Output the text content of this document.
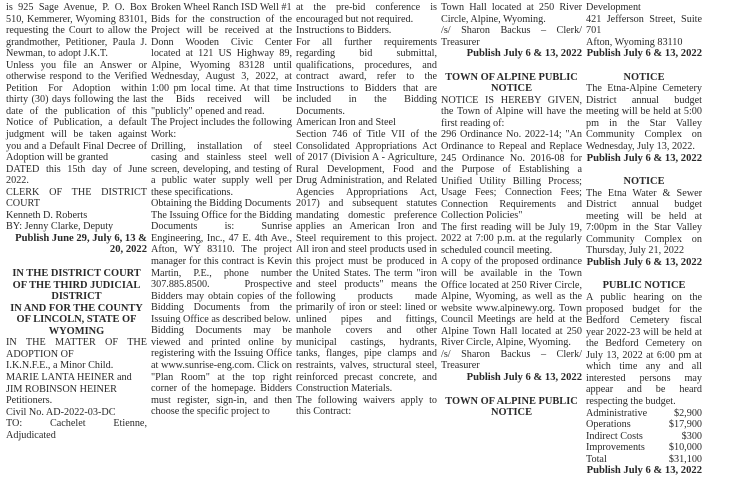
is 925 Sage Avenue, P. O. Box 510, Kemmerer, Wyoming 83101, requesting the Court to allow the grandmother, Petitioner, Paula J. Newman, to adopt J.K.T.
Unless you file an Answer or otherwise respond to the Verified Petition For Adoption within thirty (30) days following the last date of the publication of this Notice of Publication, a default judgment will be taken against you and a Default Final Decree of Adoption will be granted
DATED this 15th day of June 2022.
CLERK OF THE DISTRICT COURT
Kenneth D. Roberts
BY: Jenny Clarke, Deputy
Publish June 29, July 6, 13 & 20, 2022
IN THE DISTRICT COURT OF THE THIRD JUDICIAL DISTRICT
IN AND FOR THE COUNTY OF LINCOLN, STATE OF WYOMING
IN THE MATTER OF THE ADOPTION OF
I.K.N.F.E., a Minor Child.
MARIE LANTA HEINER and
JIM ROBINSON HEINER
Petitioners.
Civil No. AD-2022-03-DC
TO: Cachelet Etienne, Adjudicated
Broken Wheel Ranch ISD Well #1
Bids for the construction of the Project will be received at the Donn Wooden Civic Center located at 121 US Highway 89, Alpine, Wyoming 83128 until Wednesday, August 3, 2022, at 1:00 pm local time. At that time the Bids received will be "publicly" opened and read.
The Project includes the following Work:
Drilling, installation of steel casing and stainless steel well screen, developing, and testing of a public water supply well per these specifications.
Obtaining the Bidding Documents
The Issuing Office for the Bidding Documents is: Sunrise Engineering, Inc., 47 E. 4th Ave., Afton, WY 83110. The project manager for this contract is Kevin Martin, P.E., phone number 307.885.8500. Prospective Bidders may obtain copies of the Bidding Documents from the Issuing Office as described below.
Bidding Documents may be viewed and printed online by registering with the Issuing Office at www.sunrise-eng.com. Click on "Plan Room" at the top right corner of the homepage. Bidders must register, sign-in, and then choose the specific project to
at the pre-bid conference is encouraged but not required.
Instructions to Bidders.
For all further requirements regarding bid submittal, qualifications, procedures, and contract award, refer to the Instructions to Bidders that are included in the Bidding Documents.
American Iron and Steel
Section 746 of Title VII of the Consolidated Appropriations Act of 2017 (Division A - Agriculture, Rural Development, Food and Drug Administration, and Related Agencies Appropriations Act, 2017) and subsequent statutes mandating domestic preference applies an American Iron and Steel requirement to this project. All iron and steel products used in this project must be produced in the United States. The term "iron and steel products" means the following products made primarily of iron or steel: lined or unlined pipes and fittings, manhole covers and other municipal castings, hydrants, tanks, flanges, pipe clamps and restraints, valves, structural steel, reinforced precast concrete, and Construction Materials.
The following waivers apply to this Contract:
Town Hall located at 250 River Circle, Alpine, Wyoming.
/s/ Sharon Backus – Clerk/ Treasurer
Publish July 6 & 13, 2022
TOWN OF ALPINE PUBLIC NOTICE
NOTICE IS HEREBY GIVEN, the Town of Alpine will have the first reading of:
296 Ordinance No. 2022-14; "An Ordinance to Repeal and Replace 245 Ordinance No. 2016-08 for the Purpose of Establishing a Unified Utility Billing Process; Usage Fees; Connection Fees; Connection Requirements and Collection Policies"
The first reading will be July 19, 2022 at 7:00 p.m. at the regularly scheduled council meeting.
A copy of the proposed ordinance will be available in the Town Office located at 250 River Circle, Alpine, Wyoming, as well as the website www.alpinewy.org. Town Council Meetings are held at the Alpine Town Hall located at 250 River Circle, Alpine, Wyoming.
/s/ Sharon Backus – Clerk/ Treasurer
Publish July 6 & 13, 2022
TOWN OF ALPINE PUBLIC NOTICE
Development
421 Jefferson Street, Suite 701
Afton, Wyoming 83110
Publish July 6 & 13, 2022
NOTICE
The Etna-Alpine Cemetery District annual budget meeting will be held at 5:00 pm in the Star Valley Community Complex on Wednesday, July 13, 2022.
Publish July 6 & 13, 2022
NOTICE
The Etna Water & Sewer District annual budget meeting will be held at 7:00pm in the Star Valley Community Complex on Thursday, July 21, 2022
Publish July 6 & 13, 2022
PUBLIC NOTICE
A public hearing on the proposed budget for the Bedford Cemetery fiscal year 2022-23 will be held at the Bedford Cemetery on July 13, 2022 at 6:00 pm at which time any and all interested persons may appear and be heard respecting the budget.
Administrative	$2,900
Operations	$17,900
Indirect Costs	$300
Improvements $10,000
Total	$31,100
Publish July 6 & 13, 2022
